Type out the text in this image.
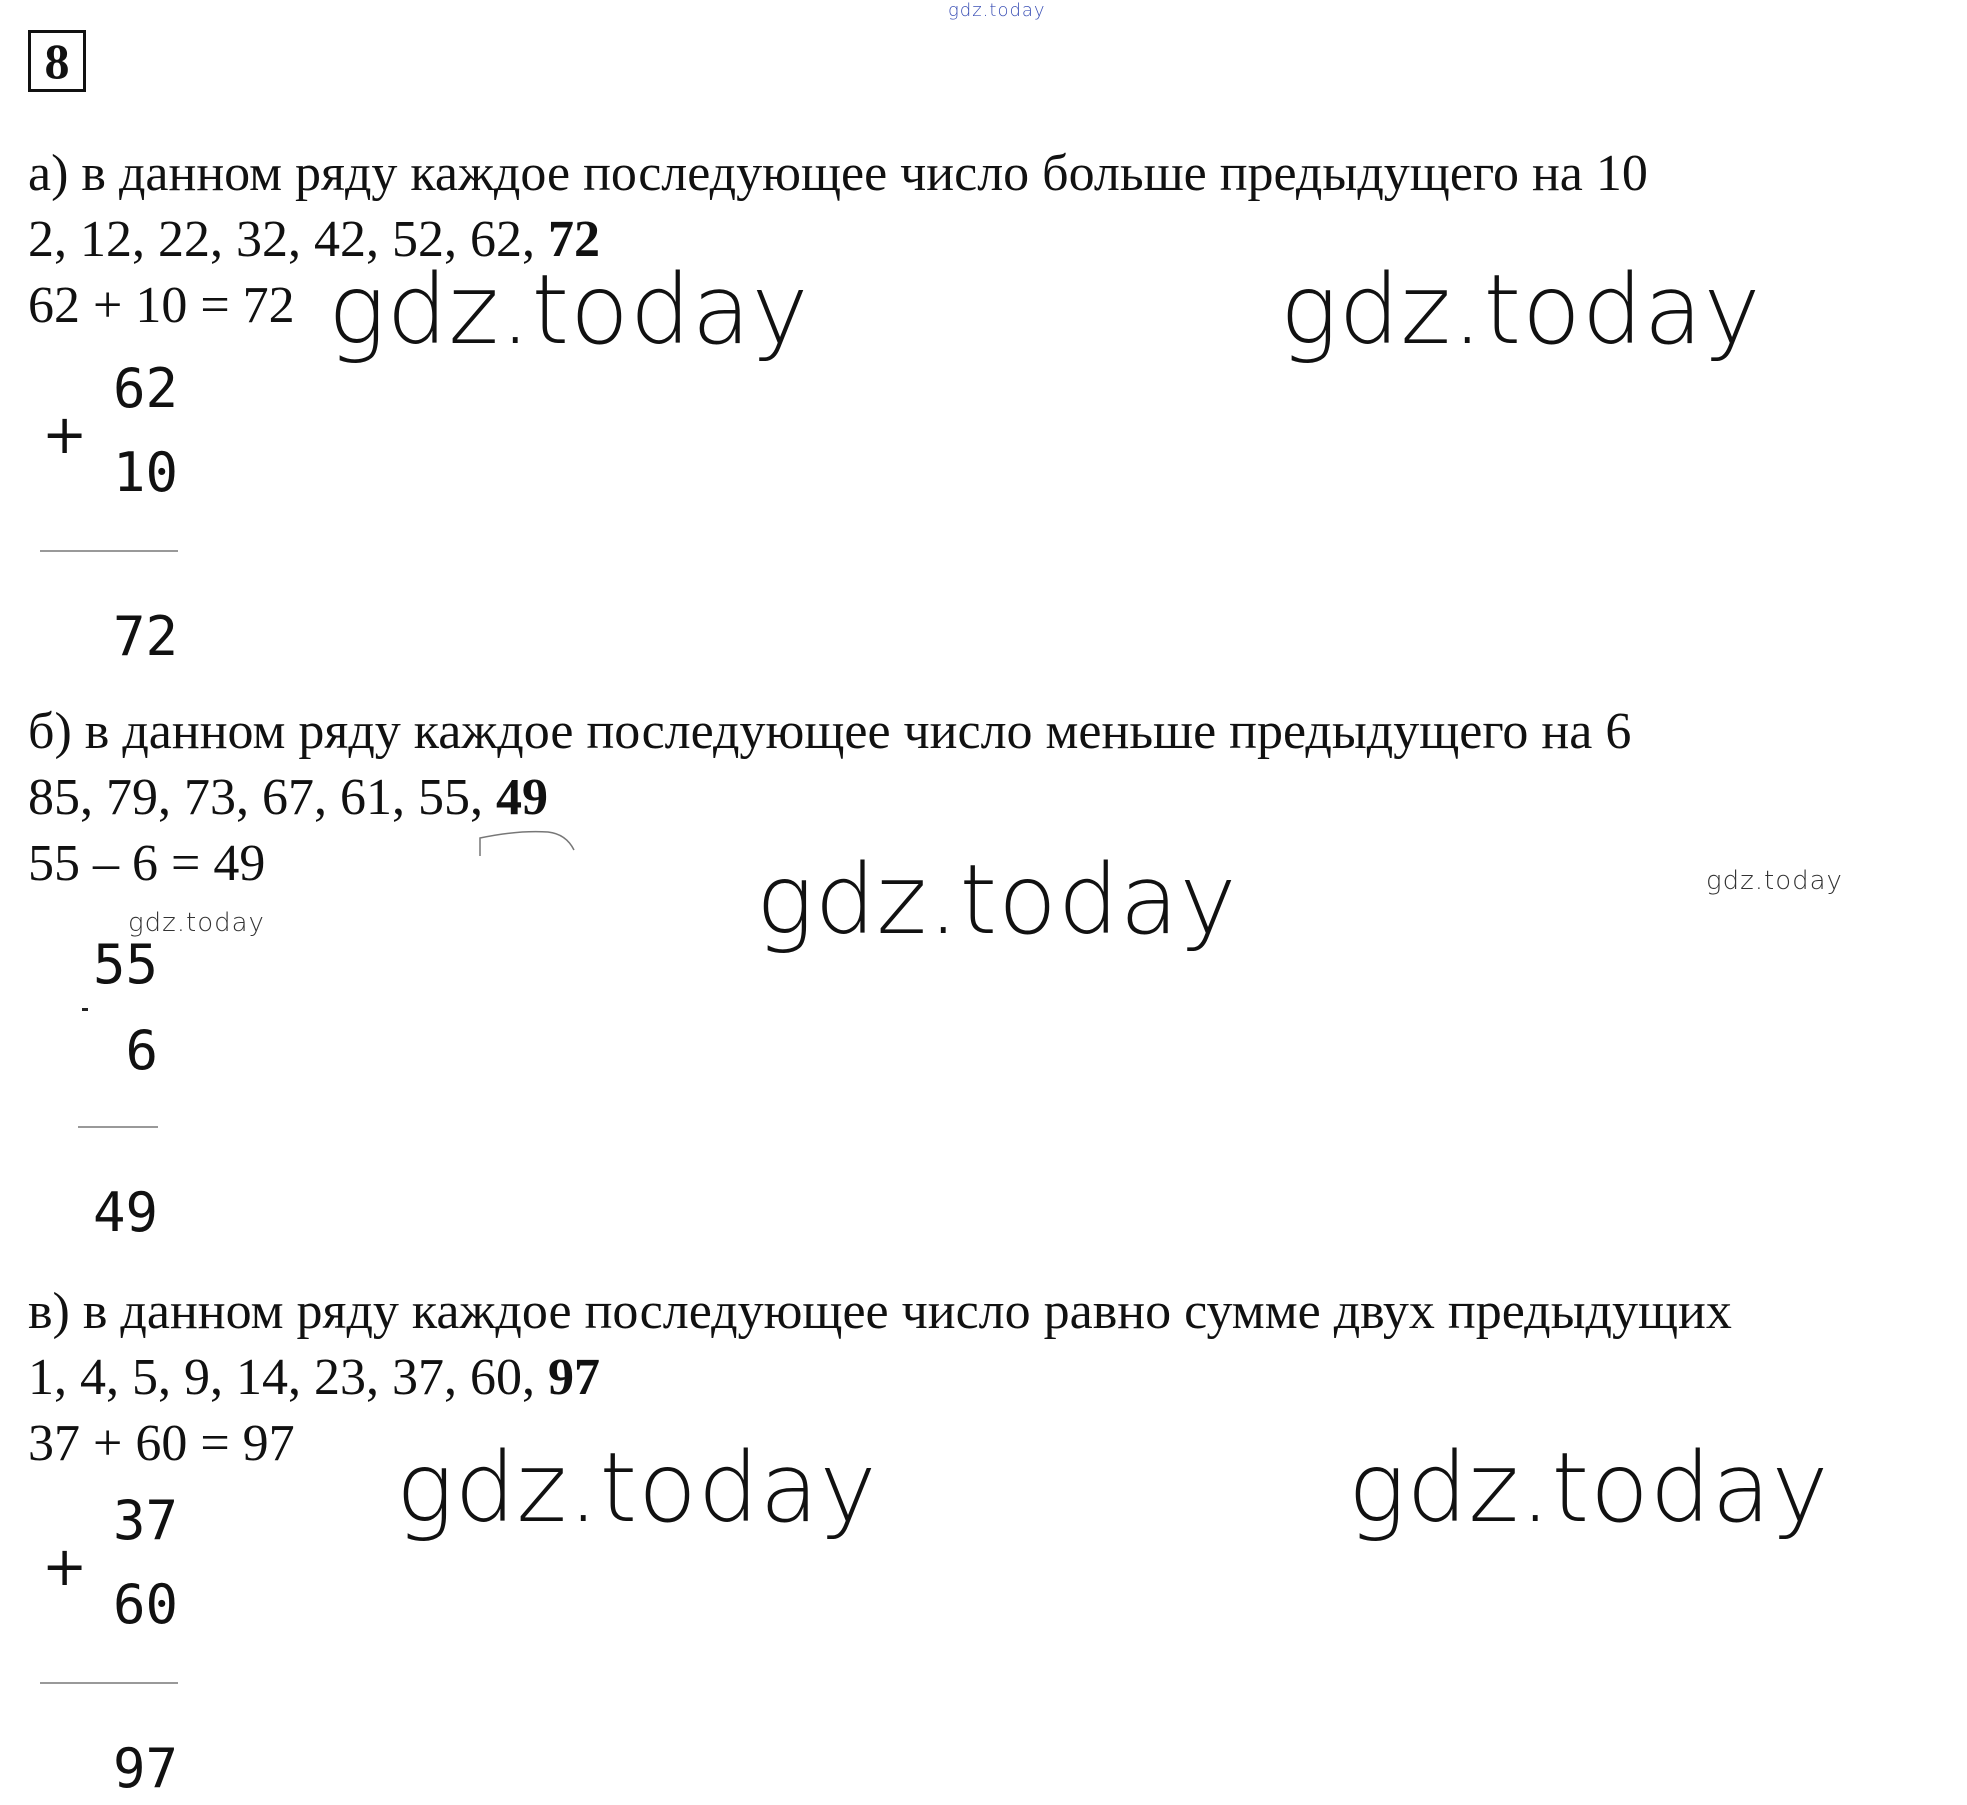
gdz.today
8
а) в данном ряду каждое последующее число больше предыдущего на 10
2, 12, 22, 32, 42, 52, 62, 72
62 + 10 = 72 gdz.today	gdz.today
+
62
10
72
б) в данном ряду каждое последующее число меньше предыдущего на 6
85, 79, 73, 67, 61, 55, 49
55 – 6 = 49
gdz.today	gdz.today	gdz.today
55
6
49
в) в данном ряду каждое последующее число равно сумме двух предыдущих
1, 4, 5, 9, 14, 23, 37, 60, 97
37 + 60 = 97 gdz.today	gdz.today
+
37
60
97
